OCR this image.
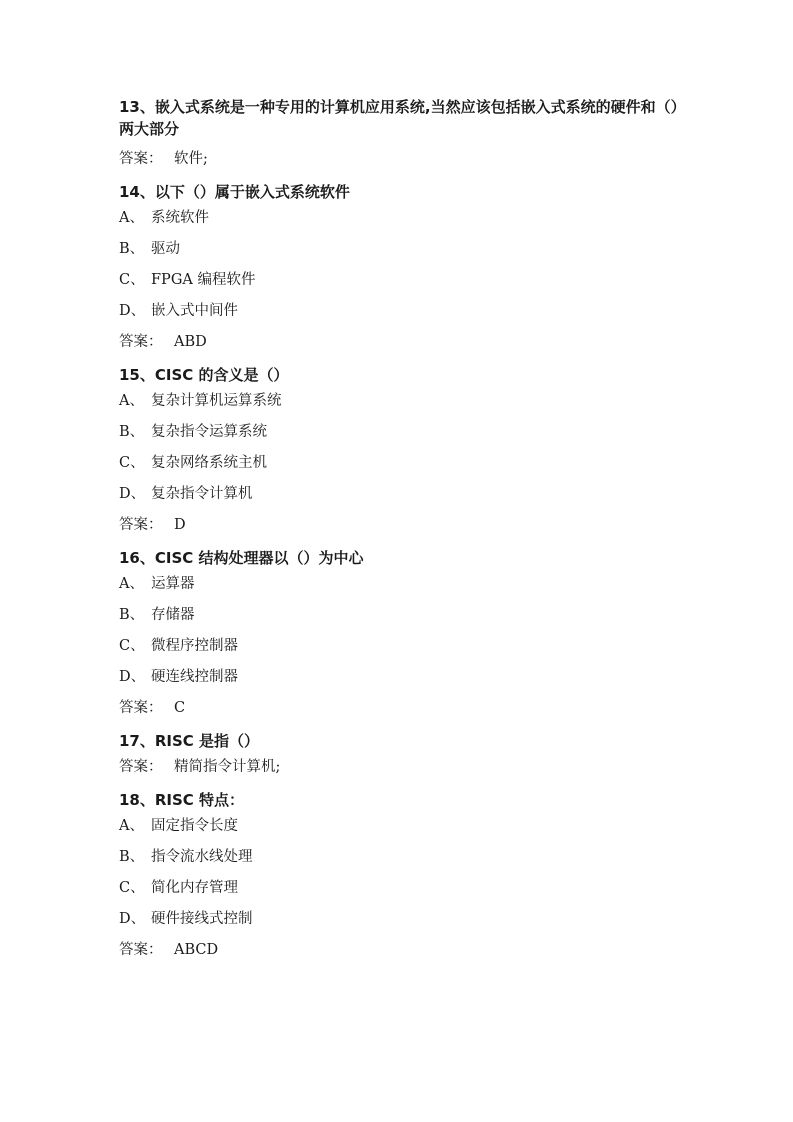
13、嵌入式系统是一种专用的计算机应用系统,当然应该包括嵌入式系统的硬件和（）两大部分

答案： 软件;

14、以下（）属于嵌入式系统软件

A、 系统软件
B、 驱动
C、 FPGA 编程软件
D、 嵌入式中间件
答案： ABD

15、CISC 的含义是（）

A、 复杂计算机运算系统
B、 复杂指令运算系统
C、 复杂网络系统主机
D、 复杂指令计算机
答案： D

16、CISC 结构处理器以（）为中心

A、 运算器
B、 存储器
C、 微程序控制器
D、 硬连线控制器
答案： C

17、RISC 是指（）

答案： 精简指令计算机;

18、RISC 特点：

A、 固定指令长度
B、 指令流水线处理
C、 简化内存管理
D、 硬件接线式控制
答案： ABCD
